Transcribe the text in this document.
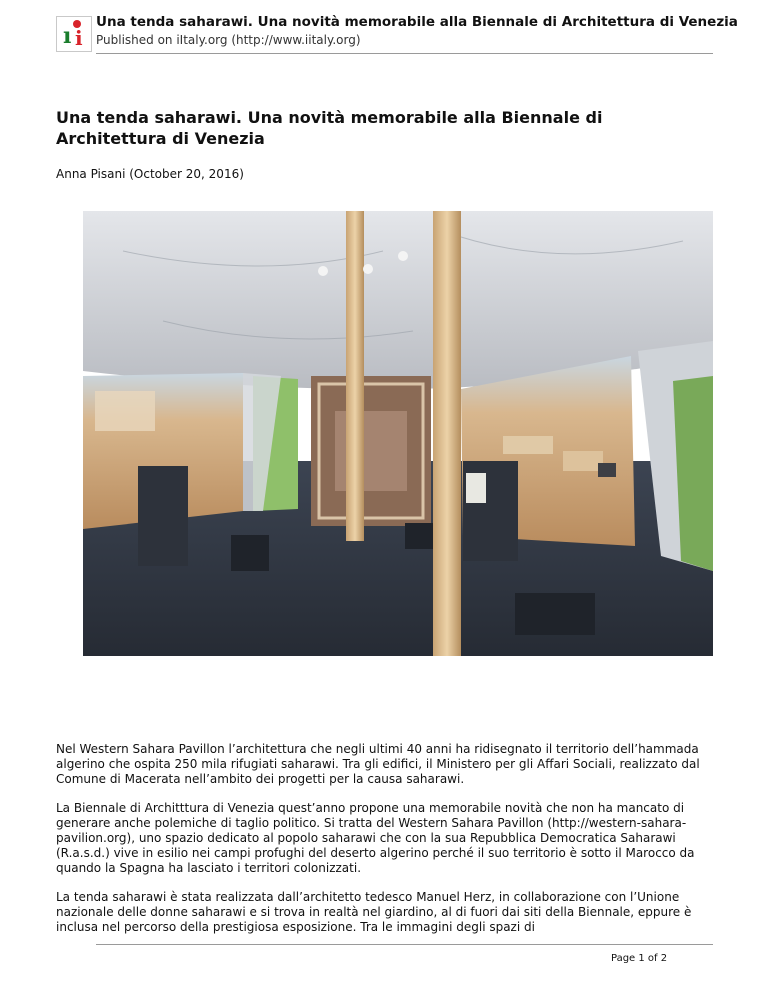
ı i
Una tenda saharawi. Una novità memorabile alla Biennale di Architettura di Venezia
Published on iItaly.org (http://www.iitaly.org)
Una tenda saharawi. Una novità memorabile alla Biennale di Architettura di Venezia
Anna Pisani (October 20, 2016)

Nel Western Sahara Pavillon l’architettura che negli ultimi 40 anni ha ridisegnato il territorio dell’hammada algerino che ospita 250 mila rifugiati saharawi. Tra gli edifici, il Ministero per gli Affari Sociali, realizzato dal Comune di Macerata nell’ambito dei progetti per la causa saharawi.

La Biennale di Architttura di Venezia quest’anno propone una memorabile novità che non ha mancato di generare anche polemiche di taglio politico. Si tratta del Western Sahara Pavillon (http://western-sahara-pavilion.org), uno spazio dedicato al popolo saharawi che con la sua Repubblica Democratica Saharawi (R.a.s.d.) vive in esilio nei campi profughi del deserto algerino perché il suo territorio è sotto il Marocco da quando la Spagna ha lasciato i territori colonizzati.

La tenda saharawi è stata realizzata dall’architetto tedesco Manuel Herz, in collaborazione con l’Unione nazionale delle donne saharawi e si trova in realtà nel giardino, al di fuori dai siti della Biennale, eppure è inclusa nel percorso della prestigiosa esposizione. Tra le immagini degli spazi di

Page 1 of 2
